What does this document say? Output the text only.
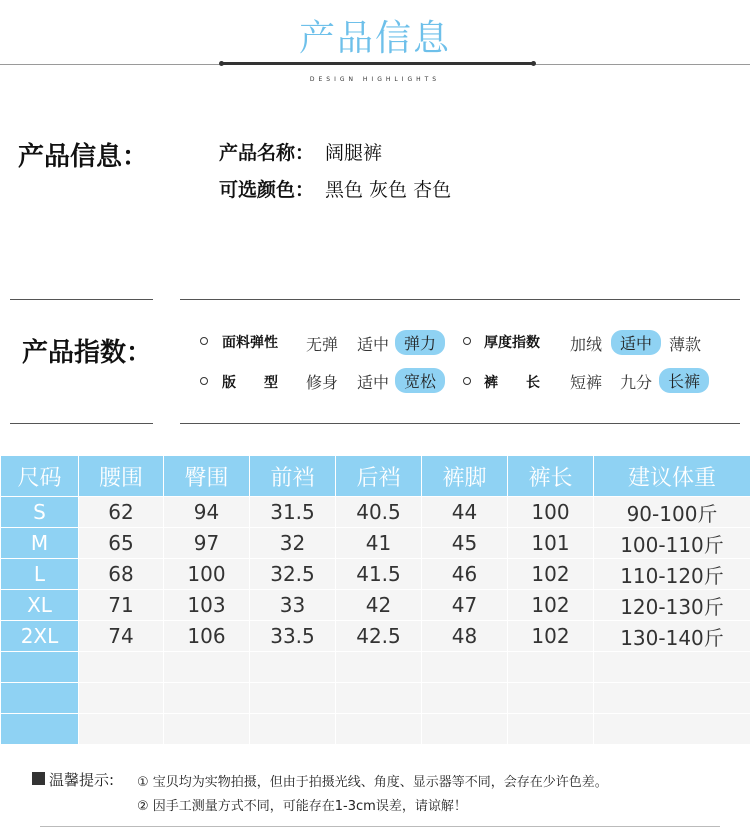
产品信息
DESIGN HIGHLIGHTS
产品信息：	产品名称： 阔腿裤
可选颜色： 黑色 灰色 杏色
产品指数：	面料弹性 无弹 适中 弹力	厚度指数 加绒	适中	薄款
版　　型 修身 适中 宽松	裤　　长 短裤 九分 长裤
尺码	腰围	臀围	前裆	后裆	裤脚	裤长	建议体重
S	62	94	31.5	40.5	44	100	90-100斤
M	65	97	32	41	45	101	100-110斤
L	68	100	32.5	41.5	46	102	110-120斤
XL	71	103	33	42	47	102	120-130斤
2XL	74	106	33.5	42.5	48	102	130-140斤

温馨提示: ① 宝贝均为实物拍摄，但由于拍摄光线、角度、显示器等不同，会存在少许色差。
② 因手工测量方式不同，可能存在1-3cm误差，请谅解！
